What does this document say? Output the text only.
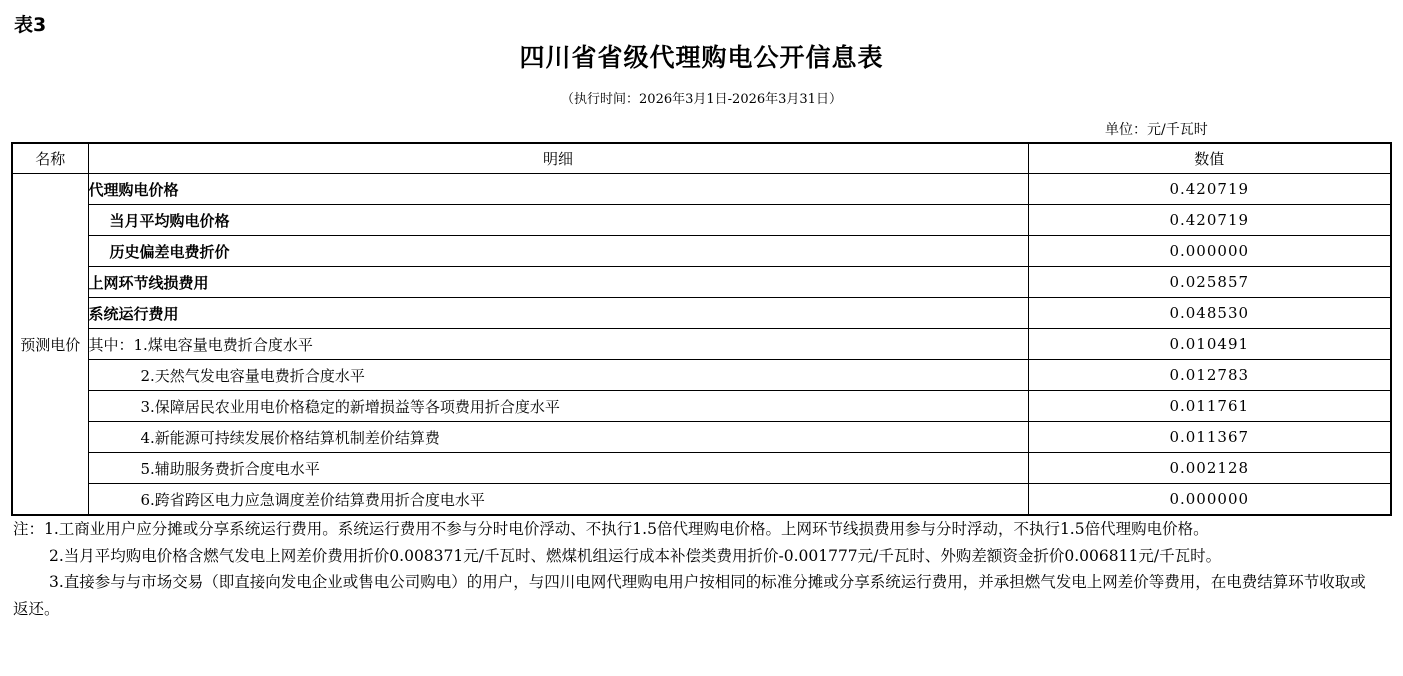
表3
四川省省级代理购电公开信息表
（执行时间：2026年3月1日-2026年3月31日）
单位：元/千瓦时
名称	明细	数值
预测电价	代理购电价格	0.420719
	当月平均购电价格	0.420719
	历史偏差电费折价	0.000000
	上网环节线损费用	0.025857
	系统运行费用	0.048530
	其中：1.煤电容量电费折合度水平	0.010491
	2.天然气发电容量电费折合度水平	0.012783
	3.保障居民农业用电价格稳定的新增损益等各项费用折合度水平	0.011761
	4.新能源可持续发展价格结算机制差价结算费	0.011367
	5.辅助服务费折合度电水平	0.002128
	6.跨省跨区电力应急调度差价结算费用折合度电水平	0.000000

注：1.工商业用户应分摊或分享系统运行费用。系统运行费用不参与分时电价浮动、不执行1.5倍代理购电价格。上网环节线损费用参与分时浮动，不执行1.5倍代理购电价格。

2.当月平均购电价格含燃气发电上网差价费用折价0.008371元/千瓦时、燃煤机组运行成本补偿类费用折价-0.001777元/千瓦时、外购差额资金折价0.006811元/千瓦时。

3.直接参与与市场交易（即直接向发电企业或售电公司购电）的用户，与四川电网代理购电用户按相同的标准分摊或分享系统运行费用，并承担燃气发电上网差价等费用，在电费结算环节收取或返还。
